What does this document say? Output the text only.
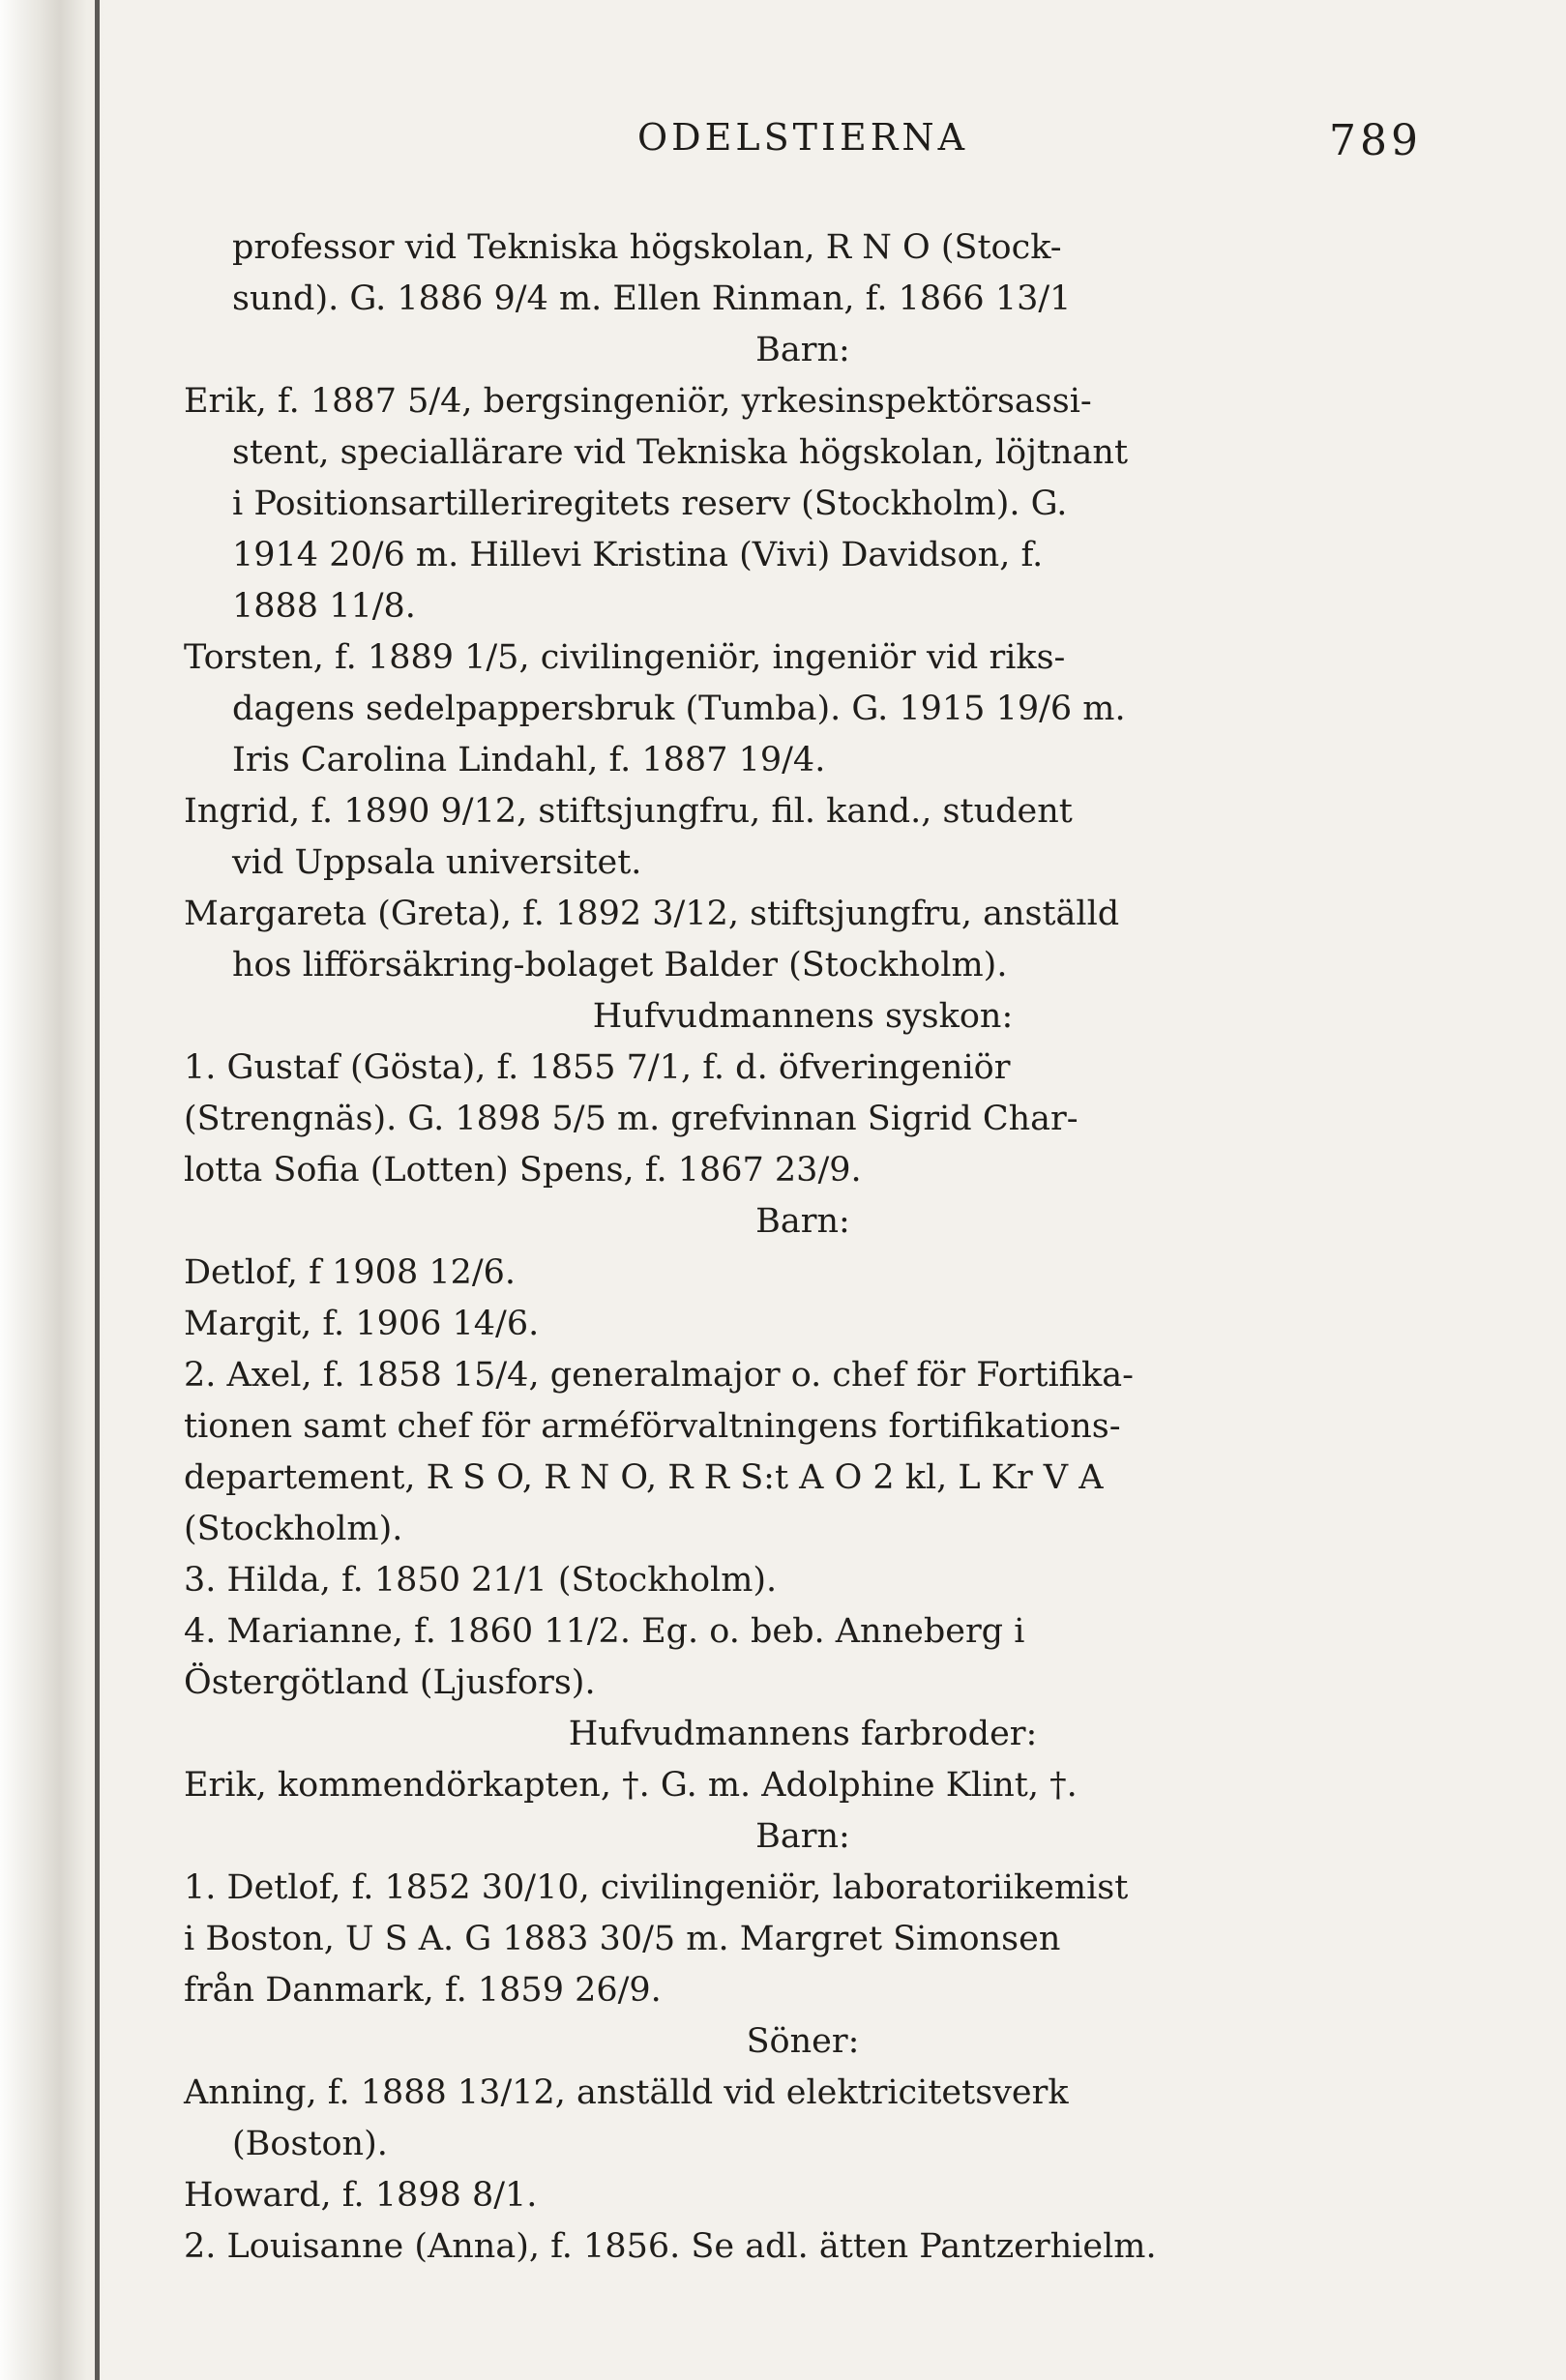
ODELSTIERNA	789
professor vid Tekniska högskolan, R N O (Stock-
sund). G. 1886 9/4 m. Ellen Rinman, f. 1866 13/1
Barn:
Erik, f. 1887 5/4, bergsingeniör, yrkesinspektörsassi-
stent, speciallärare vid Tekniska högskolan, löjtnant
i Positionsartilleriregitets reserv (Stockholm). G.
1914 20/6 m. Hillevi Kristina (Vivi) Davidson, f.
1888 11/8.
Torsten, f. 1889 1/5, civilingeniör, ingeniör vid riks-
dagens sedelpappersbruk (Tumba). G. 1915 19/6 m.
Iris Carolina Lindahl, f. 1887 19/4.
Ingrid, f. 1890 9/12, stiftsjungfru, fil. kand., student
vid Uppsala universitet.
Margareta (Greta), f. 1892 3/12, stiftsjungfru, anställd
hos lifförsäkring-bolaget Balder (Stockholm).
Hufvudmannens syskon:
1. Gustaf (Gösta), f. 1855 7/1, f. d. öfveringeniör
(Strengnäs). G. 1898 5/5 m. grefvinnan Sigrid Char-
lotta Sofia (Lotten) Spens, f. 1867 23/9.
Barn:
Detlof, f 1908 12/6.
Margit, f. 1906 14/6.
2. Axel, f. 1858 15/4, generalmajor o. chef för Fortifika-
tionen samt chef för arméförvaltningens fortifikations-
departement, R S O, R N O, R R S:t A O 2 kl, L Kr V A
(Stockholm).
3. Hilda, f. 1850 21/1 (Stockholm).
4. Marianne, f. 1860 11/2. Eg. o. beb. Anneberg i
Östergötland (Ljusfors).
Hufvudmannens farbroder:
Erik, kommendörkapten, †. G. m. Adolphine Klint, †.
Barn:
1. Detlof, f. 1852 30/10, civilingeniör, laboratoriikemist
i Boston, U S A. G 1883 30/5 m. Margret Simonsen
från Danmark, f. 1859 26/9.
Söner:
Anning, f. 1888 13/12, anställd vid elektricitetsverk
(Boston).
Howard, f. 1898 8/1.
2. Louisanne (Anna), f. 1856. Se adl. ätten Pantzerhielm.
